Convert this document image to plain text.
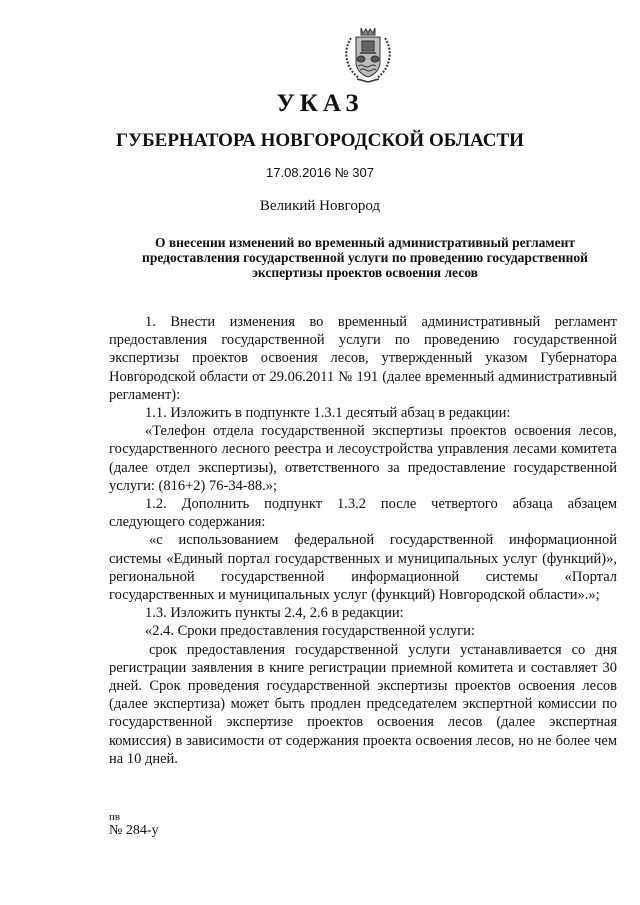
УКАЗ
ГУБЕРНАТОРА НОВГОРОДСКОЙ ОБЛАСТИ
17.08.2016 № 307
Великий Новгород
О внесении изменений во временный административный регламент предоставления государственной услуги по проведению государственной экспертизы проектов освоения лесов

1. Внести изменения во временный административный регламент предоставления государственной услуги по проведению государственной экспертизы проектов освоения лесов, утвержденный указом Губернатора Новгородской области от 29.06.2011 № 191 (далее временный административный регламент):

1.1. Изложить в подпункте 1.3.1 десятый абзац в редакции:

«Телефон отдела государственной экспертизы проектов освоения лесов, государственного лесного реестра и лесоустройства управления лесами комитета (далее отдел экспертизы), ответственного за предоставление государственной услуги: (816+2) 76-34-88.»;

1.2. Дополнить подпункт 1.3.2 после четвертого абзаца абзацем следующего содержания:

«с использованием федеральной государственной информационной системы «Единый портал государственных и муниципальных услуг (функций)», региональной государственной информационной системы «Портал государственных и муниципальных услуг (функций) Новгородской области».»;

1.3. Изложить пункты 2.4, 2.6 в редакции:

«2.4. Сроки предоставления государственной услуги:

срок предоставления государственной услуги устанавливается со дня регистрации заявления в книге регистрации приемной комитета и составляет 30 дней. Срок проведения государственной экспертизы проектов освоения лесов (далее экспертиза) может быть продлен председателем экспертной комиссии по государственной экспертизе проектов освоения лесов (далее экспертная комиссия) в зависимости от содержания проекта освоения лесов, но не более чем на 10 дней.

пв
№ 284-у
